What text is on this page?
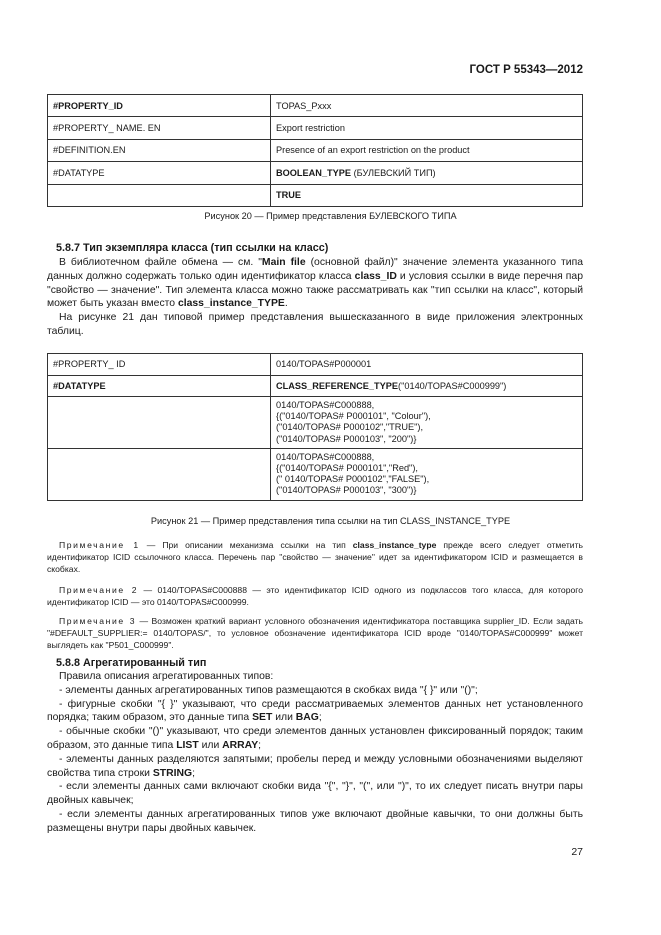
ГОСТ Р 55343—2012
#PROPERTY_ID	TOPAS_Pxxx
#PROPERTY_ NAME. EN	Export restriction
#DEFINITION.EN	Presence of an export restriction on the product
#DATATYPE	BOOLEAN_TYPE (БУЛЕВСКИЙ ТИП)
	TRUE
Рисунок 20 — Пример представления БУЛЕВСКОГО ТИПА
5.8.7 Тип экземпляра класса (тип ссылки на класс)
В библиотечном файле обмена — см. "Main file (основной файл)" значение элемента указанного типа данных должно содержать только один идентификатор класса class_ID и условия ссылки в виде перечня пар "свойство — значение". Тип элемента класса можно также рассматривать как "тип ссылки на класс", который может быть указан вместо class_instance_TYPE.
На рисунке 21 дан типовой пример представления вышесказанного в виде приложения электронных таблиц.
#PROPERTY_ ID	0140/TOPAS#P000001
#DATATYPE	CLASS_REFERENCE_TYPE("0140/TOPAS#C000999")

	0140/TOPAS#C000888,
{("0140/TOPAS# P000101", "Colour"),
("0140/TOPAS# P000102","TRUE"),
("0140/TOPAS# P000103", "200")}

	0140/TOPAS#C000888,
{("0140/TOPAS# P000101","Red"),
(" 0140/TOPAS# P000102","FALSE"),
("0140/TOPAS# P000103", "300")}
Рисунок 21 — Пример представления типа ссылки на тип CLASS_INSTANCE_TYPE
Примечание 1 — При описании механизма ссылки на тип class_instance_type прежде всего следует отметить идентификатор ICID ссылочного класса. Перечень пар "свойство — значение" идет за идентификатором ICID и размещается в скобках.
Примечание 2 — 0140/TOPAS#C000888 — это идентификатор ICID одного из подклассов того класса, для которого идентификатор ICID — это 0140/TOPAS#C000999.
Примечание 3 — Возможен краткий вариант условного обозначения идентификатора поставщика supplier_ID. Если задать "#DEFAULT_SUPPLIER:= 0140/TOPAS/", то условное обозначение идентификатора ICID вроде "0140/TOPAS#C000999" может выглядеть как "P501_C000999".
5.8.8 Агрегатированный тип
Правила описания агрегатированных типов:
- элементы данных агрегатированных типов размещаются в скобках вида "{ }" или "()";
- фигурные скобки "{ }" указывают, что среди рассматриваемых элементов данных нет установленного порядка; таким образом, это данные типа SET или BAG;
- обычные скобки "()" указывают, что среди элементов данных установлен фиксированный порядок; таким образом, это данные типа LIST или ARRAY;
- элементы данных разделяются запятыми; пробелы перед и между условными обозначениями выделяют свойства типа строки STRING;
- если элементы данных сами включают скобки вида "{", "}", "(", или ")", то их следует писать внутри пары двойных кавычек;
- если элементы данных агрегатированных типов уже включают двойные кавычки, то они должны быть размещены внутри пары двойных кавычек.
27
